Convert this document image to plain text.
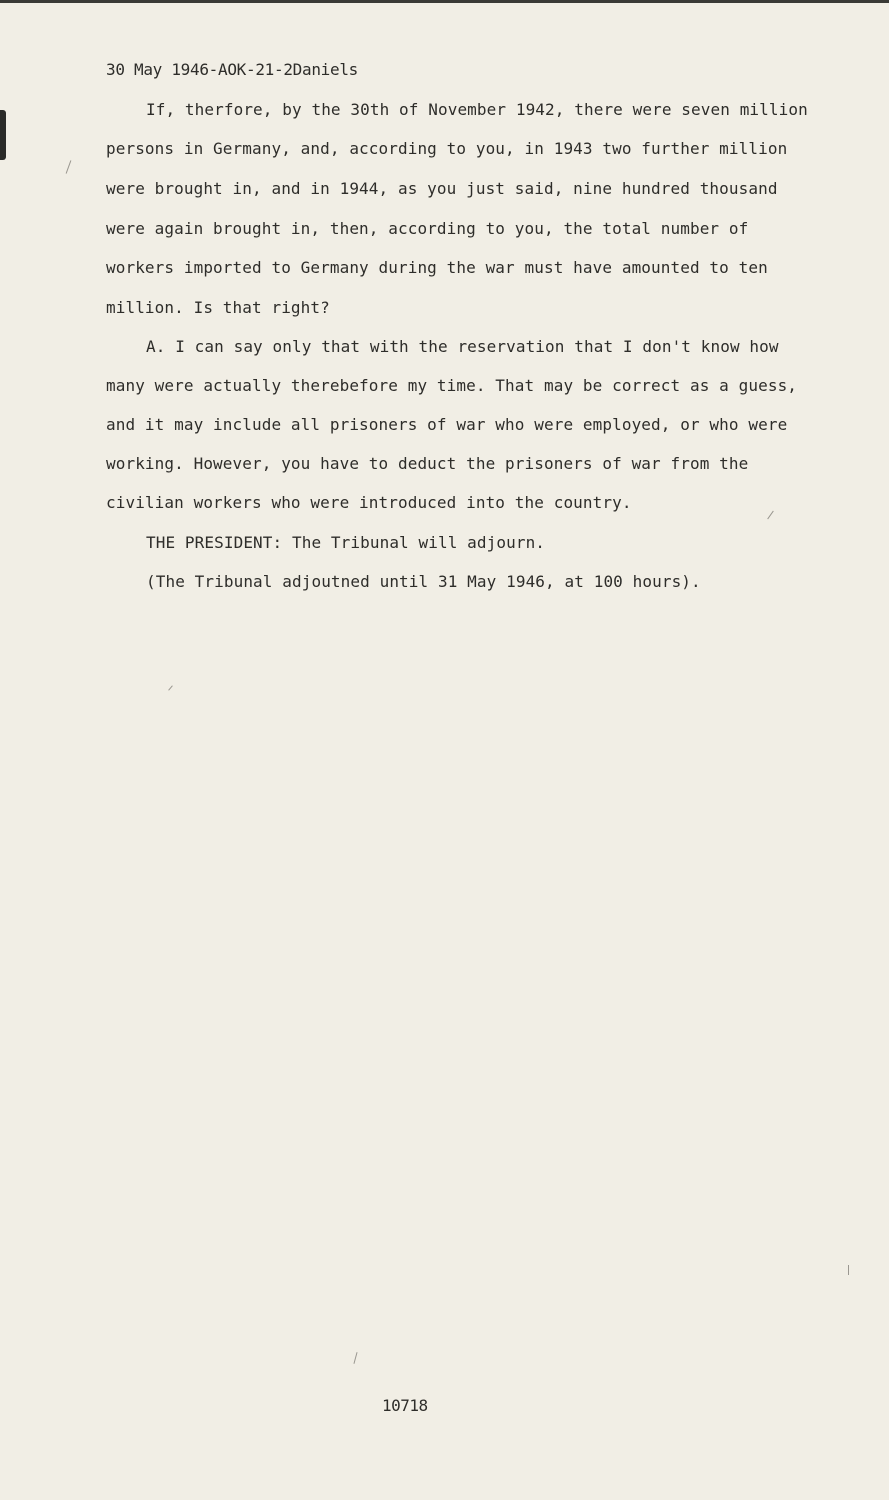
30 May 1946-AOK-21-2Daniels
If, therfore, by the 30th of November 1942, there were seven million
persons in Germany, and, according to you, in 1943 two further million
were brought in, and in 1944, as you just said, nine hundred thousand
were again brought in, then, according to you, the total number of
workers imported to Germany during the war must have amounted to ten
million. Is that right?
A. I can say only that with the reservation that I don't know how
many were actually therebefore my time. That may be correct as a guess,
and it may include all prisoners of war who were employed, or who were
working. However, you have to deduct the prisoners of war from the
civilian workers who were introduced into the country.
THE PRESIDENT: The Tribunal will adjourn.
(The Tribunal adjoutned until 31 May 1946, at 100 hours).
10718
